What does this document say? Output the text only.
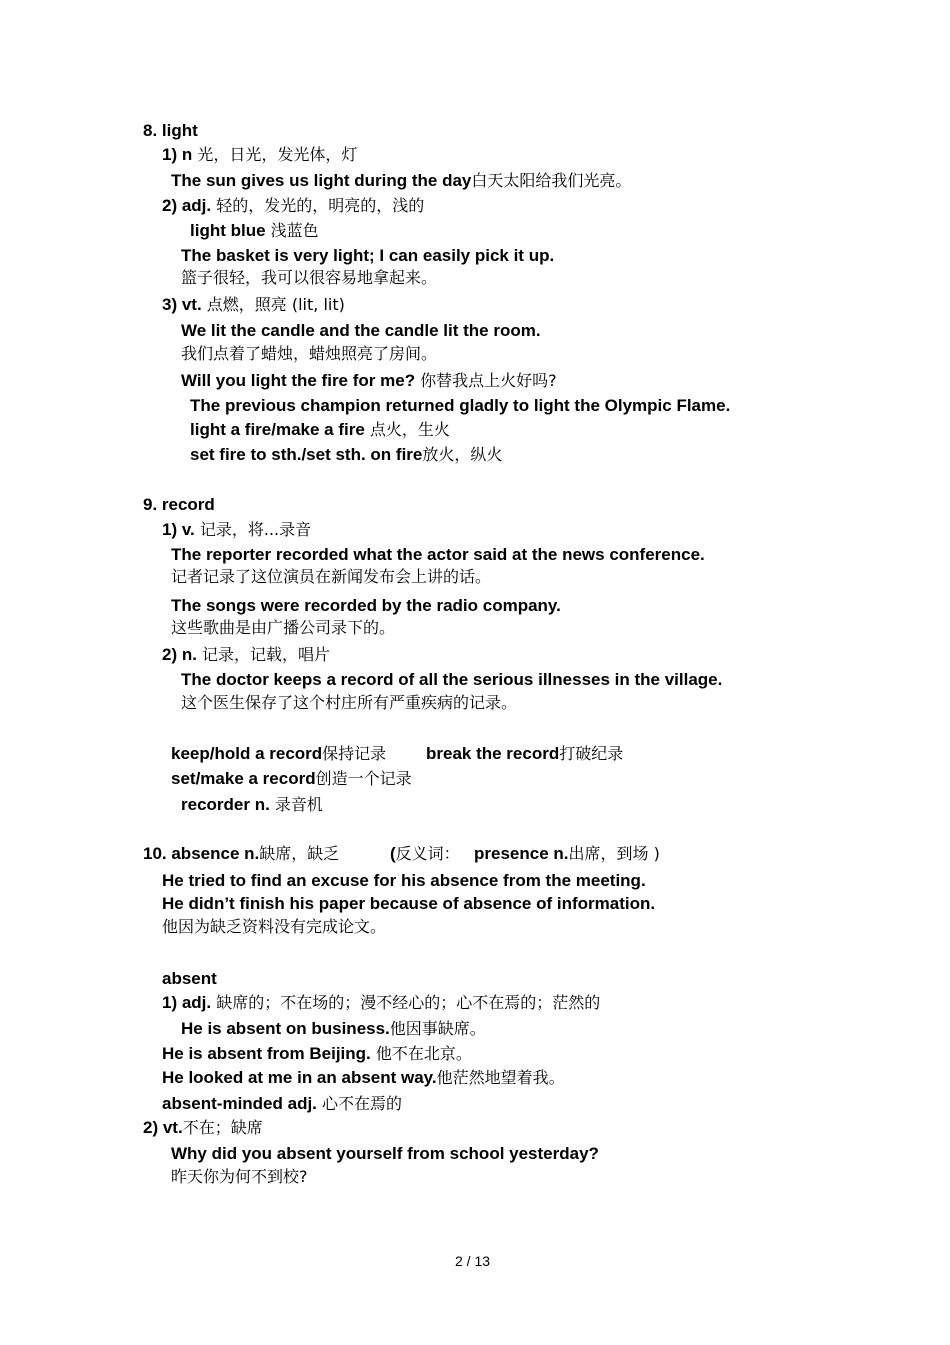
8. light
1) n 光，日光，发光体，灯
The sun gives us light during the day白天太阳给我们光亮。
2) adj. 轻的，发光的，明亮的，浅的
light blue 浅蓝色
The basket is very light; I can easily pick it up.
篮子很轻，我可以很容易地拿起来。
3) vt. 点燃，照亮 (lit, lit)
We lit the candle and the candle lit the room.
我们点着了蜡烛，蜡烛照亮了房间。
Will you light the fire for me? 你替我点上火好吗?
The previous champion returned gladly to light the Olympic Flame.
light a fire/make a fire 点火，生火
set fire to sth./set sth. on fire放火，纵火
9. record
1) v. 记录，将...录音
The reporter recorded what the actor said at the news conference.
记者记录了这位演员在新闻发布会上讲的话。
The songs were recorded by the radio company.
这些歌曲是由广播公司录下的。
2) n. 记录，记载，唱片
The doctor keeps a record of all the serious illnesses in the village.
这个医生保存了这个村庄所有严重疾病的记录。
keep/hold a record保持记录 break the record打破纪录
set/make a record创造一个记录
recorder n. 录音机
10. absence n.缺席，缺乏	(反义词： presence n.出席，到场 )
He tried to find an excuse for his absence from the meeting.
He didn’t finish his paper because of absence of information.
他因为缺乏资料没有完成论文。
absent
1) adj. 缺席的；不在场的；漫不经心的；心不在焉的；茫然的
He is absent on business.他因事缺席。
He is absent from Beijing. 他不在北京。
He looked at me in an absent way.他茫然地望着我。
absent-minded adj. 心不在焉的
2) vt.不在；缺席
Why did you absent yourself from school yesterday?
昨天你为何不到校?
2 / 13
